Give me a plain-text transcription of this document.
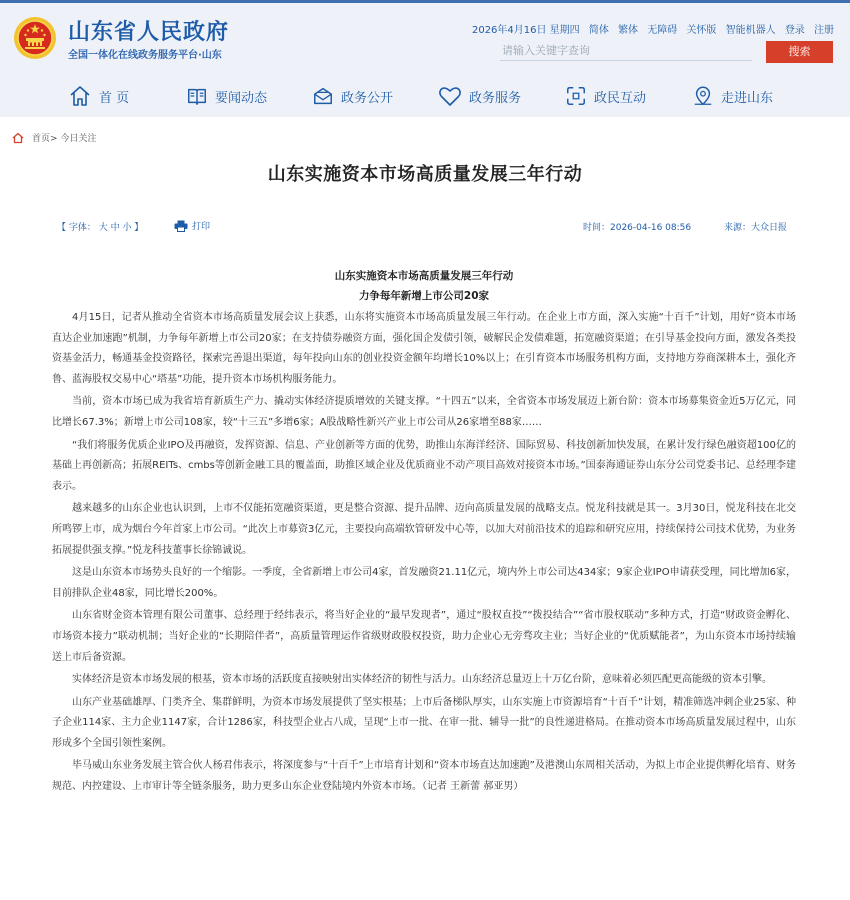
山东省人民政府
全国一体化在线政务服务平台·山东
2026年4月16日 星期四 简体 繁体 无障碍 关怀版 智能机器人 登录 注册
请输入关键字查询
搜索
首 页	要闻动态	政务公开	政务服务	政民互动	走进山东
首页> 今日关注
山东实施资本市场高质量发展三年行动
【 字体： 大 中 小 】	打印	时间：2026-04-16 08:56	来源：大众日报
山东实施资本市场高质量发展三年行动
力争每年新增上市公司20家

4月15日，记者从推动全省资本市场高质量发展会议上获悉，山东将实施资本市场高质量发展三年行动。在企业上市方面，深入实施“十百千”计划，用好“资本市场直达企业加速跑”机制，力争每年新增上市公司20家；在支持债券融资方面，强化国企发债引领，破解民企发债难题，拓宽融资渠道；在引导基金投向方面，激发各类投资基金活力，畅通基金投资路径，探索完善退出渠道，每年投向山东的创业投资金额年均增长10%以上；在引育资本市场服务机构方面，支持地方券商深耕本土，强化齐鲁、蓝海股权交易中心“塔基”功能，提升资本市场机构服务能力。

当前，资本市场已成为我省培育新质生产力、撬动实体经济提质增效的关键支撑。“十四五”以来，全省资本市场发展迈上新台阶：资本市场募集资金近5万亿元，同比增长67.3%；新增上市公司108家，较“十三五”多增6家；A股战略性新兴产业上市公司从26家增至88家……

“我们将服务优质企业IPO及再融资，发挥资源、信息、产业创新等方面的优势，助推山东海洋经济、国际贸易、科技创新加快发展，在累计发行绿色融资超100亿的基础上再创新高；拓展REITs、cmbs等创新金融工具的覆盖面，助推区域企业及优质商业不动产项目高效对接资本市场。”国泰海通证券山东分公司党委书记、总经理李建表示。

越来越多的山东企业也认识到，上市不仅能拓宽融资渠道，更是整合资源、提升品牌、迈向高质量发展的战略支点。悦龙科技就是其一。3月30日，悦龙科技在北交所鸣锣上市，成为烟台今年首家上市公司。“此次上市募资3亿元，主要投向高端软管研发中心等，以加大对前沿技术的追踪和研究应用，持续保持公司技术优势，为业务拓展提供强支撑。”悦龙科技董事长徐锦诚说。

这是山东资本市场势头良好的一个缩影。一季度，全省新增上市公司4家，首发融资21.11亿元，境内外上市公司达434家；9家企业IPO申请获受理，同比增加6家，目前排队企业48家，同比增长200%。

山东省财金资本管理有限公司董事、总经理于经纬表示，将当好企业的“最早发现者”，通过“股权直投”“拨投结合”“省市股权联动”多种方式，打造“财政资金孵化、市场资本接力”联动机制；当好企业的“长期陪伴者”，高质量管理运作省级财政股权投资，助力企业心无旁骛攻主业；当好企业的“优质赋能者”，为山东资本市场持续输送上市后备资源。

实体经济是资本市场发展的根基，资本市场的活跃度直接映射出实体经济的韧性与活力。山东经济总量迈上十万亿台阶，意味着必须匹配更高能级的资本引擎。

山东产业基础雄厚、门类齐全、集群鲜明，为资本市场发展提供了坚实根基；上市后备梯队厚实，山东实施上市资源培育“十百千”计划，精准筛选冲刺企业25家、种子企业114家、主力企业1147家，合计1286家，科技型企业占八成，呈现“上市一批、在审一批、辅导一批”的良性递进格局。在推动资本市场高质量发展过程中，山东形成多个全国引领性案例。

毕马威山东业务发展主管合伙人杨君伟表示，将深度参与“十百千”上市培育计划和“资本市场直达加速跑”及港澳山东周相关活动，为拟上市企业提供孵化培育、财务规范、内控建设、上市审计等全链条服务，助力更多山东企业登陆境内外资本市场。（记者 王新蕾 郝亚男）
